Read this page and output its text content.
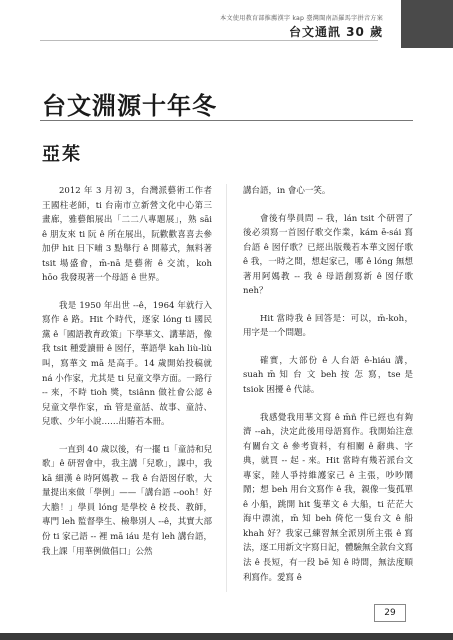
本文使用教育部推薦漢字 kap 臺灣閩南語羅馬字拼音方案
台文通訊 30 歲
台文淵源十年冬
亞茱

2012 年 3 月初 3，台灣派藝術工作者王國柱老師，ti 台南市立新營文化中心第三畫廊，雅藝館展出「二二八專題展」，熟 sāi ê 朋友來 ti 阮 ê 所在展出，阮歡歡喜喜去參加伊 hit 日下晡 3 點舉行 ê 開幕式，無料著 tsit 場盛會，m̄-nā 是藝術 ê 交流，koh hōo 我發現著一个母語 ê 世界。

我是 1950 年出世 --ê，1964 年就行入寫作 ê 路。Hit 个時代，逐家 lóng ti 國民黨 ê「國語教育政策」下學華文、講華語，像我 tsit 種愛讀冊 ê 囡仔，華語學 kah liù-liù 叫，寫華文 mā 是高手。14 歲開始投稿就 ná 小作家，尤其是 ti 兒童文學方面。一路行 -- 來，不時 tioh 獎，tsiânn 做社會公認 ê 兒童文學作家，m̄ 管是童話、故事、童詩、兒歌、少年小說……出賰若本冊。

一直到 40 歲以後，有一擺 ti「童詩和兒歌」ê 研習會中，我主講「兒歌」，課中，我 kā 細漢 ê 時阿媽教 -- 我 ê 台語囡仔歌，大量提出來做「學例」——「講台語 --ooh！好大膽！」學員 lóng 是學校 ê 校長、教師，專門 leh 監督學生、檢舉別人 --ê，其實大部份 ti 家己語 -- 裡 mā iáu 是有 leh 講台語，我上課「用華例做倡口」公然

講台語，in 會心一笑。

會後有學員問 -- 我，lán tsit 个研習了後必須寫一首囡仔歌交作業，kám ē-sái 寫台語 ê 囡仔歌？已經出版幾若本華文囡仔歌 ê 我，一時之間，想起家己，哪 ê lóng 無想著用阿媽教 -- 我 ê 母語創寫新 ê 囡仔歌 neh？

Hit 當時我 ê 回答是：可以，m̄-koh，用字是一个問題。

確實，大部份 ê 人台語 ê-hiáu 講，suah m̄ 知 台 文 beh 按 怎 寫，tse 是 tsiok 困擾 ê 代誌。

我感覺我用華文寫 ê m̄ñ 件已經也有夠濟 --ah，決定此後用母語寫作。我開始注意有關台文 ê 參考資料，有相關 ê 辭典、字典，就買 -- 起 - 來。Hit 當時有幾若派台文專家，陸人爭持維護家己 ê 主張，吵吵鬧鬧；想 beh 用台文寫作 ê 我，親像一隻孤單 ê 小船，跳開 hit 隻華文 ê 大船，ti 茫茫大海中漂流，m̄ 知 beh 倚佗一隻台文 ê 船 khah 好？我家己練習無全派別所主張 ê 寫法，逐工用新文字寫日記，體驗無全款台文寫法 ê 長短，有一段 bē 知 ê 時間，無法度順利寫作。愛寫 ê

29
